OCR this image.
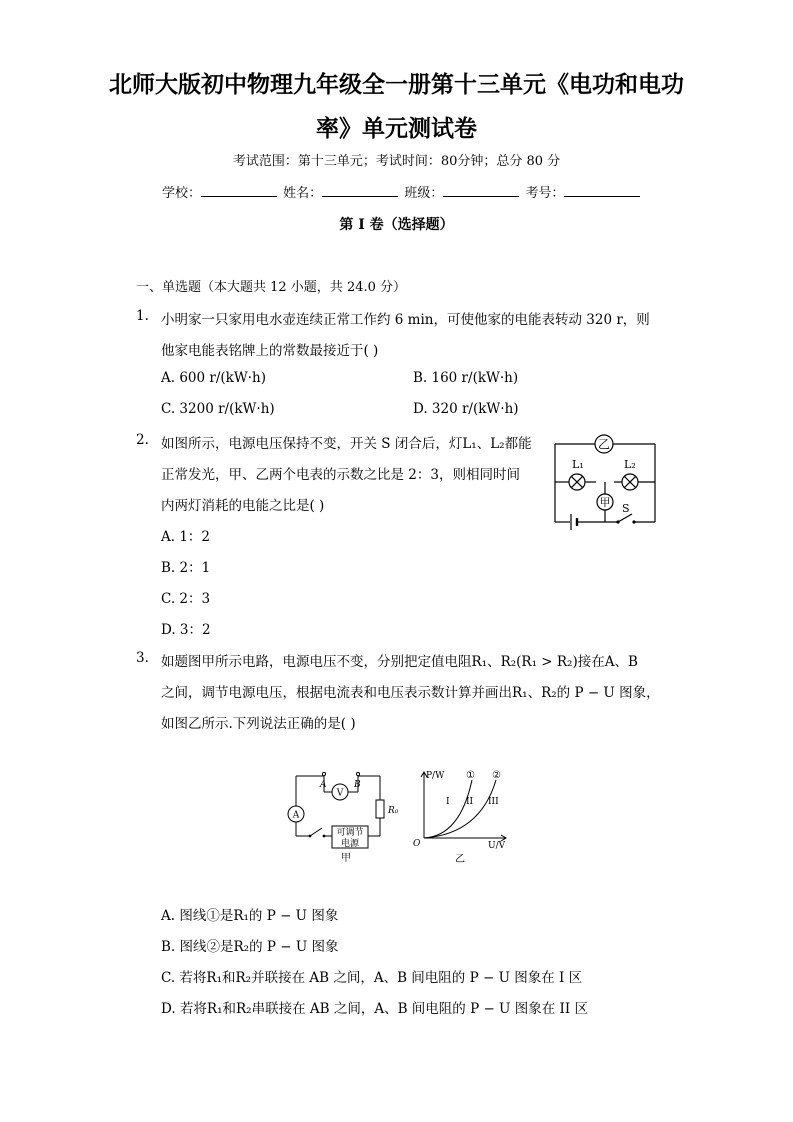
北师大版初中物理九年级全一册第十三单元《电功和电功
率》单元测试卷
考试范围：第十三单元；考试时间：80分钟；总分 80 分
学校：	姓名：	班级：	考号：
第 I 卷（选择题）
一、单选题（本大题共 12 小题，共 24.0 分）
1. 小明家一只家用电水壶连续正常工作约 6 min，可使他家的电能表转动 320 r，则
他家电能表铭牌上的常数最接近于( )
A. 600 r/(kW·h)	B. 160 r/(kW·h)
C. 3200 r/(kW·h)	D. 320 r/(kW·h)
2. 如图所示，电源电压保持不变，开关 S 闭合后，灯L₁、L₂都能
正常发光，甲、乙两个电表的示数之比是 2：3，则相同时间
内两灯消耗的电能之比是( )
A. 1：2
B. 2：1
C. 2：3
D. 3：2
乙
甲
L₁	L₂
S
3. 如题图甲所示电路，电源电压不变，分别把定值电阻R₁、R₂(R₁ > R₂)接在A、B
之间，调节电源电压，根据电流表和电压表示数计算并画出R₁、R₂的 P − U 图象，
如图乙所示.下列说法正确的是( )
A	B
A
V
R₀
可调节
电源
甲
P/W
U/V
O
① ②
I II III
乙
A. 图线①是R₁的 P − U 图象
B. 图线②是R₂的 P − U 图象
C. 若将R₁和R₂并联接在 AB 之间，A、B 间电阻的 P − U 图象在 I 区
D. 若将R₁和R₂串联接在 AB 之间，A、B 间电阻的 P − U 图象在 II 区
